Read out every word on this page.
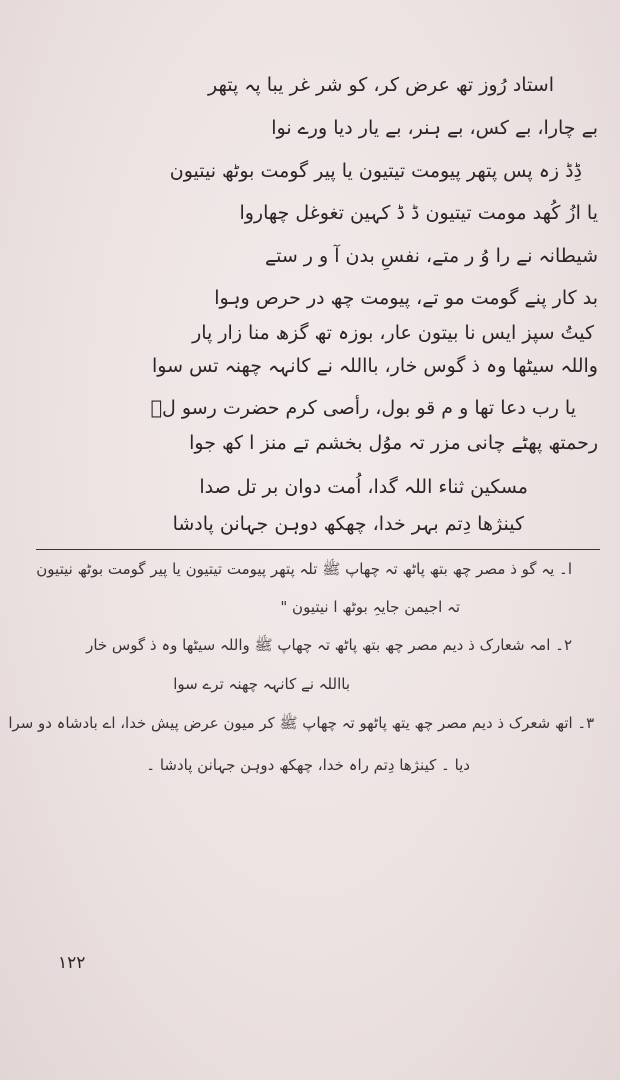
استاد رُوز تھ عرض کر، کو شر غر یبا پہ پتھر
بے چارا، بے کس، بے ہنر، بے یار دیا ورے نوا
ڈِڈ زہ پس پتھر پیومت تیتیون یا پیر گومت بوٹھ نیتیون
یا ازُ کُھد مومت تیتیون ڈ ڈ کہین تغوغل چھاروا
شیطانہ نے را وُ ر متے، نفسِ بدن آ و ر ستے
بد کار پنے گومت مو تے، پیومت چھ در حرص وہوا
کیتُ سپز ایس نا بیتون عار، بوزہ تھ گزھ منا زار پار
واللہ سیٹھا وہ ذ گوس خار، بااللہ نے کانہہ چھنہ تس سوا
یا رب دعا تھا و م قو بول، رأصی کرم حضرت رسو لؐ
رحمتھ پھٹے چانی مزر تہ موُل بخشم تے منز ا کھ جوا
مسکین ثناء اللہ گدا، اُمت دوان بر تل صدا
کینژھا دِتم بہر خدا، چھکھ دوہن جہانن پادشا
ا۔ یہ گو ذ مصر چھ بتھ پاٹھ تہ چھاپ ﷺ تلہ پتھر پیومت تیتیون یا پیر گومت بوٹھ نیتیون
تہ اجیمن جایہِ بوٹھ ا نیتیون "
۲۔ امہ شعارک ذ دیم مصر چھ بتھ پاٹھ تہ چھاپ ﷺ واللہ سیٹھا وہ ذ گوس خار
بااللہ نے کانہہ چھنہ ترے سوا
۳۔ اتھ شعرک ذ دیم مصر چھ یتھ پاٹھو تہ چھاپ ﷺ کر میون عرض پیش خدا، اے بادشاہ دو سرا
دیا ۔ کینژھا دِتم راہ خدا، چھکھ دوہن جہانن پادشا ۔
۱۲۲
